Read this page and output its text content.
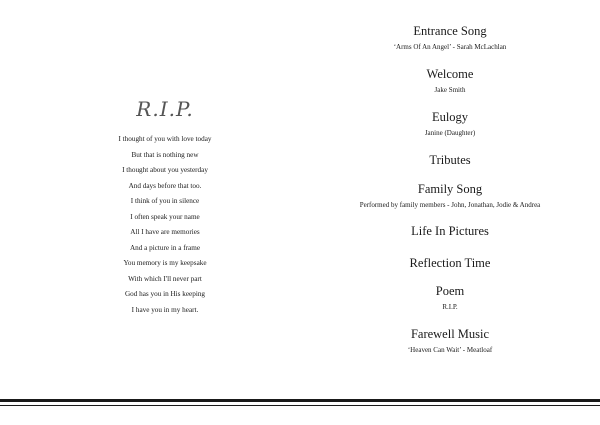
R.I.P.
I thought of you with love today
But that is nothing new
I thought about you yesterday
And days before that too.
I think of you in silence
I often speak your name
All I have are memories
And a picture in a frame
You memory is my keepsake
With which I'll never part
God has you in His keeping
I have you in my heart.
Entrance Song
‘Arms Of An Angel’ - Sarah McLachlan
Welcome
Jake Smith
Eulogy
Janine (Daughter)
Tributes
Family Song
Performed by family members - John, Jonathan, Jodie & Andrea
Life In Pictures
Reflection Time
Poem
R.I.P.
Farewell Music
‘Heaven Can Wait’ - Meatloaf
